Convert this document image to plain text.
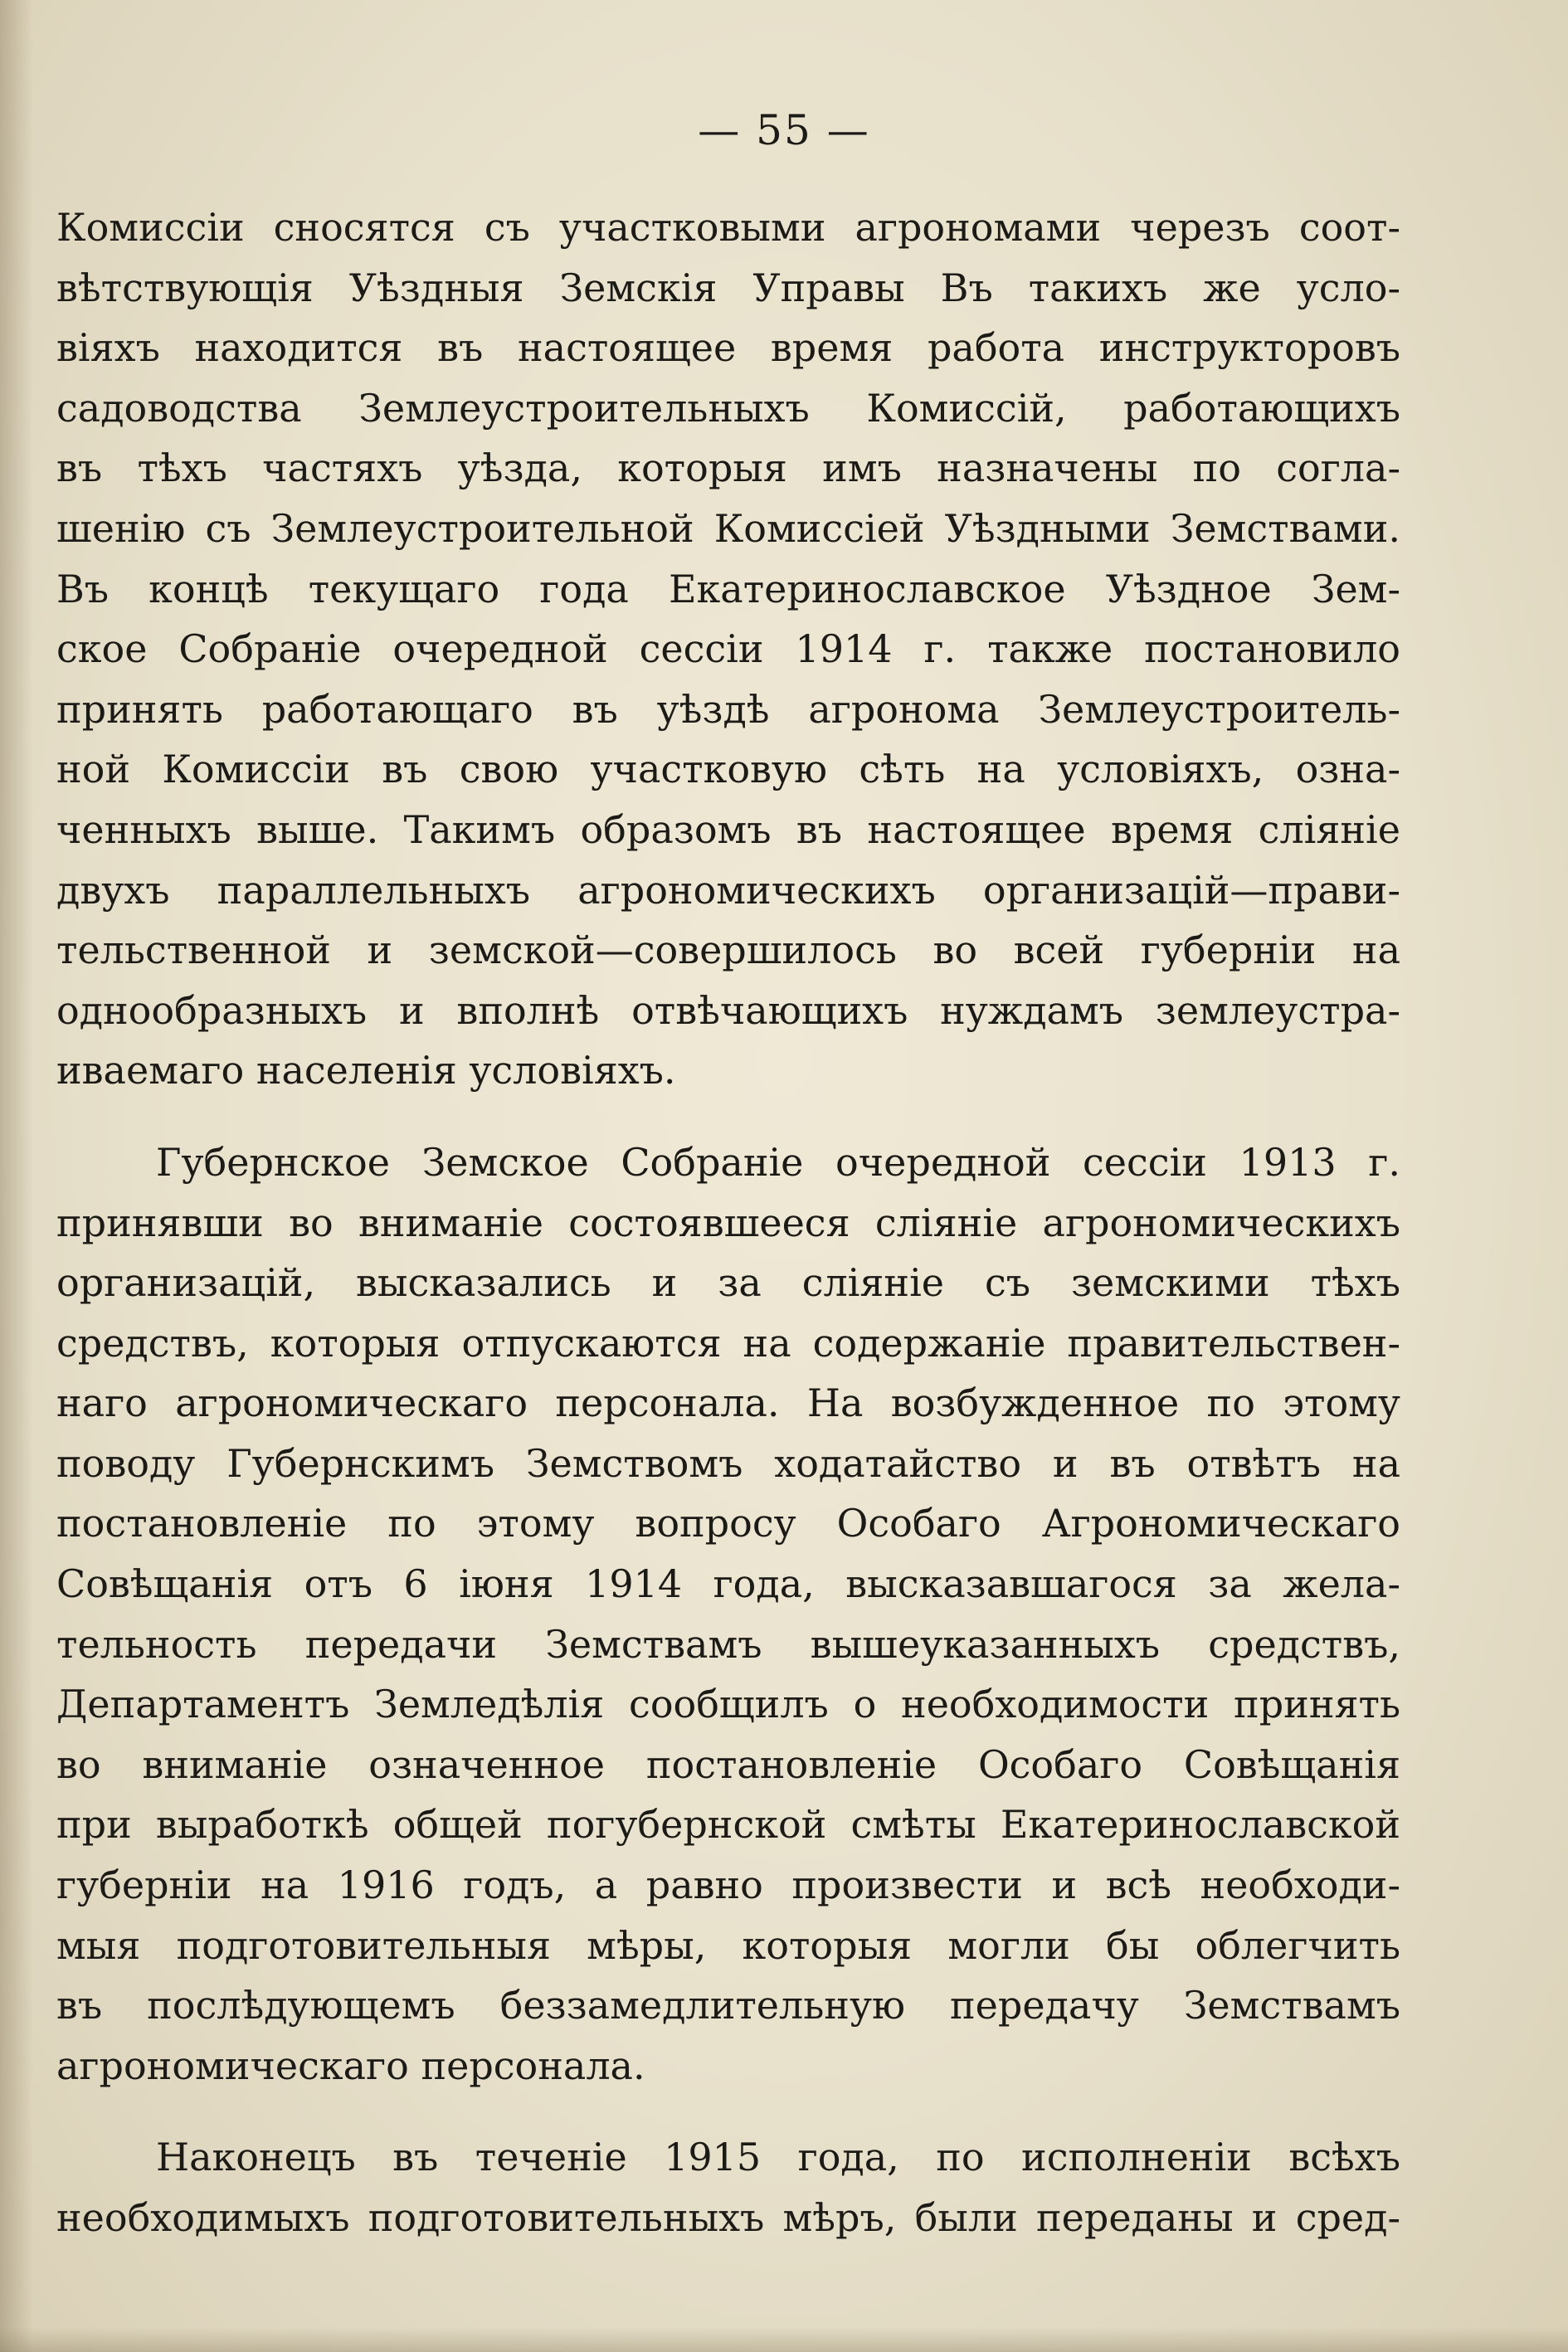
— 55 —
Комиссіи сносятся съ участковыми агрономами черезъ соот-
вѣтствующія Уѣздныя Земскія Управы Въ такихъ же усло-
віяхъ находится въ настоящее время работа инструкторовъ
садоводства Землеустроительныхъ Комиссій, работающихъ
въ тѣхъ частяхъ уѣзда, которыя имъ назначены по согла-
шенію съ Землеустроительной Комиссіей Уѣздными Земствами.
Въ концѣ текущаго года Екатеринославское Уѣздное Зем-
ское Собраніе очередной сессіи 1914 г. также постановило
принять работающаго въ уѣздѣ агронома Землеустроитель-
ной Комиссіи въ свою участковую сѣть на условіяхъ, озна-
ченныхъ выше. Такимъ образомъ въ настоящее время сліяніе
двухъ параллельныхъ агрономическихъ организацій—прави-
тельственной и земской—совершилось во всей губерніи на
однообразныхъ и вполнѣ отвѣчающихъ нуждамъ землеустра-
иваемаго населенія условіяхъ.
Губернское Земское Собраніе очередной сессіи 1913 г.
принявши во вниманіе состоявшееся сліяніе агрономическихъ
организацій, высказались и за сліяніе съ земскими тѣхъ
средствъ, которыя отпускаются на содержаніе правительствен-
наго агрономическаго персонала. На возбужденное по этому
поводу Губернскимъ Земствомъ ходатайство и въ отвѣтъ на
постановленіе по этому вопросу Особаго Агрономическаго
Совѣщанія отъ 6 іюня 1914 года, высказавшагося за жела-
тельность передачи Земствамъ вышеуказанныхъ средствъ,
Департаментъ Земледѣлія сообщилъ о необходимости принять
во вниманіе означенное постановленіе Особаго Совѣщанія
при выработкѣ общей погубернской смѣты Екатеринославской
губерніи на 1916 годъ, а равно произвести и всѣ необходи-
мыя подготовительныя мѣры, которыя могли бы облегчить
въ послѣдующемъ беззамедлительную передачу Земствамъ
агрономическаго персонала.
Наконецъ въ теченіе 1915 года, по исполненіи всѣхъ
необходимыхъ подготовительныхъ мѣръ, были переданы и сред-
